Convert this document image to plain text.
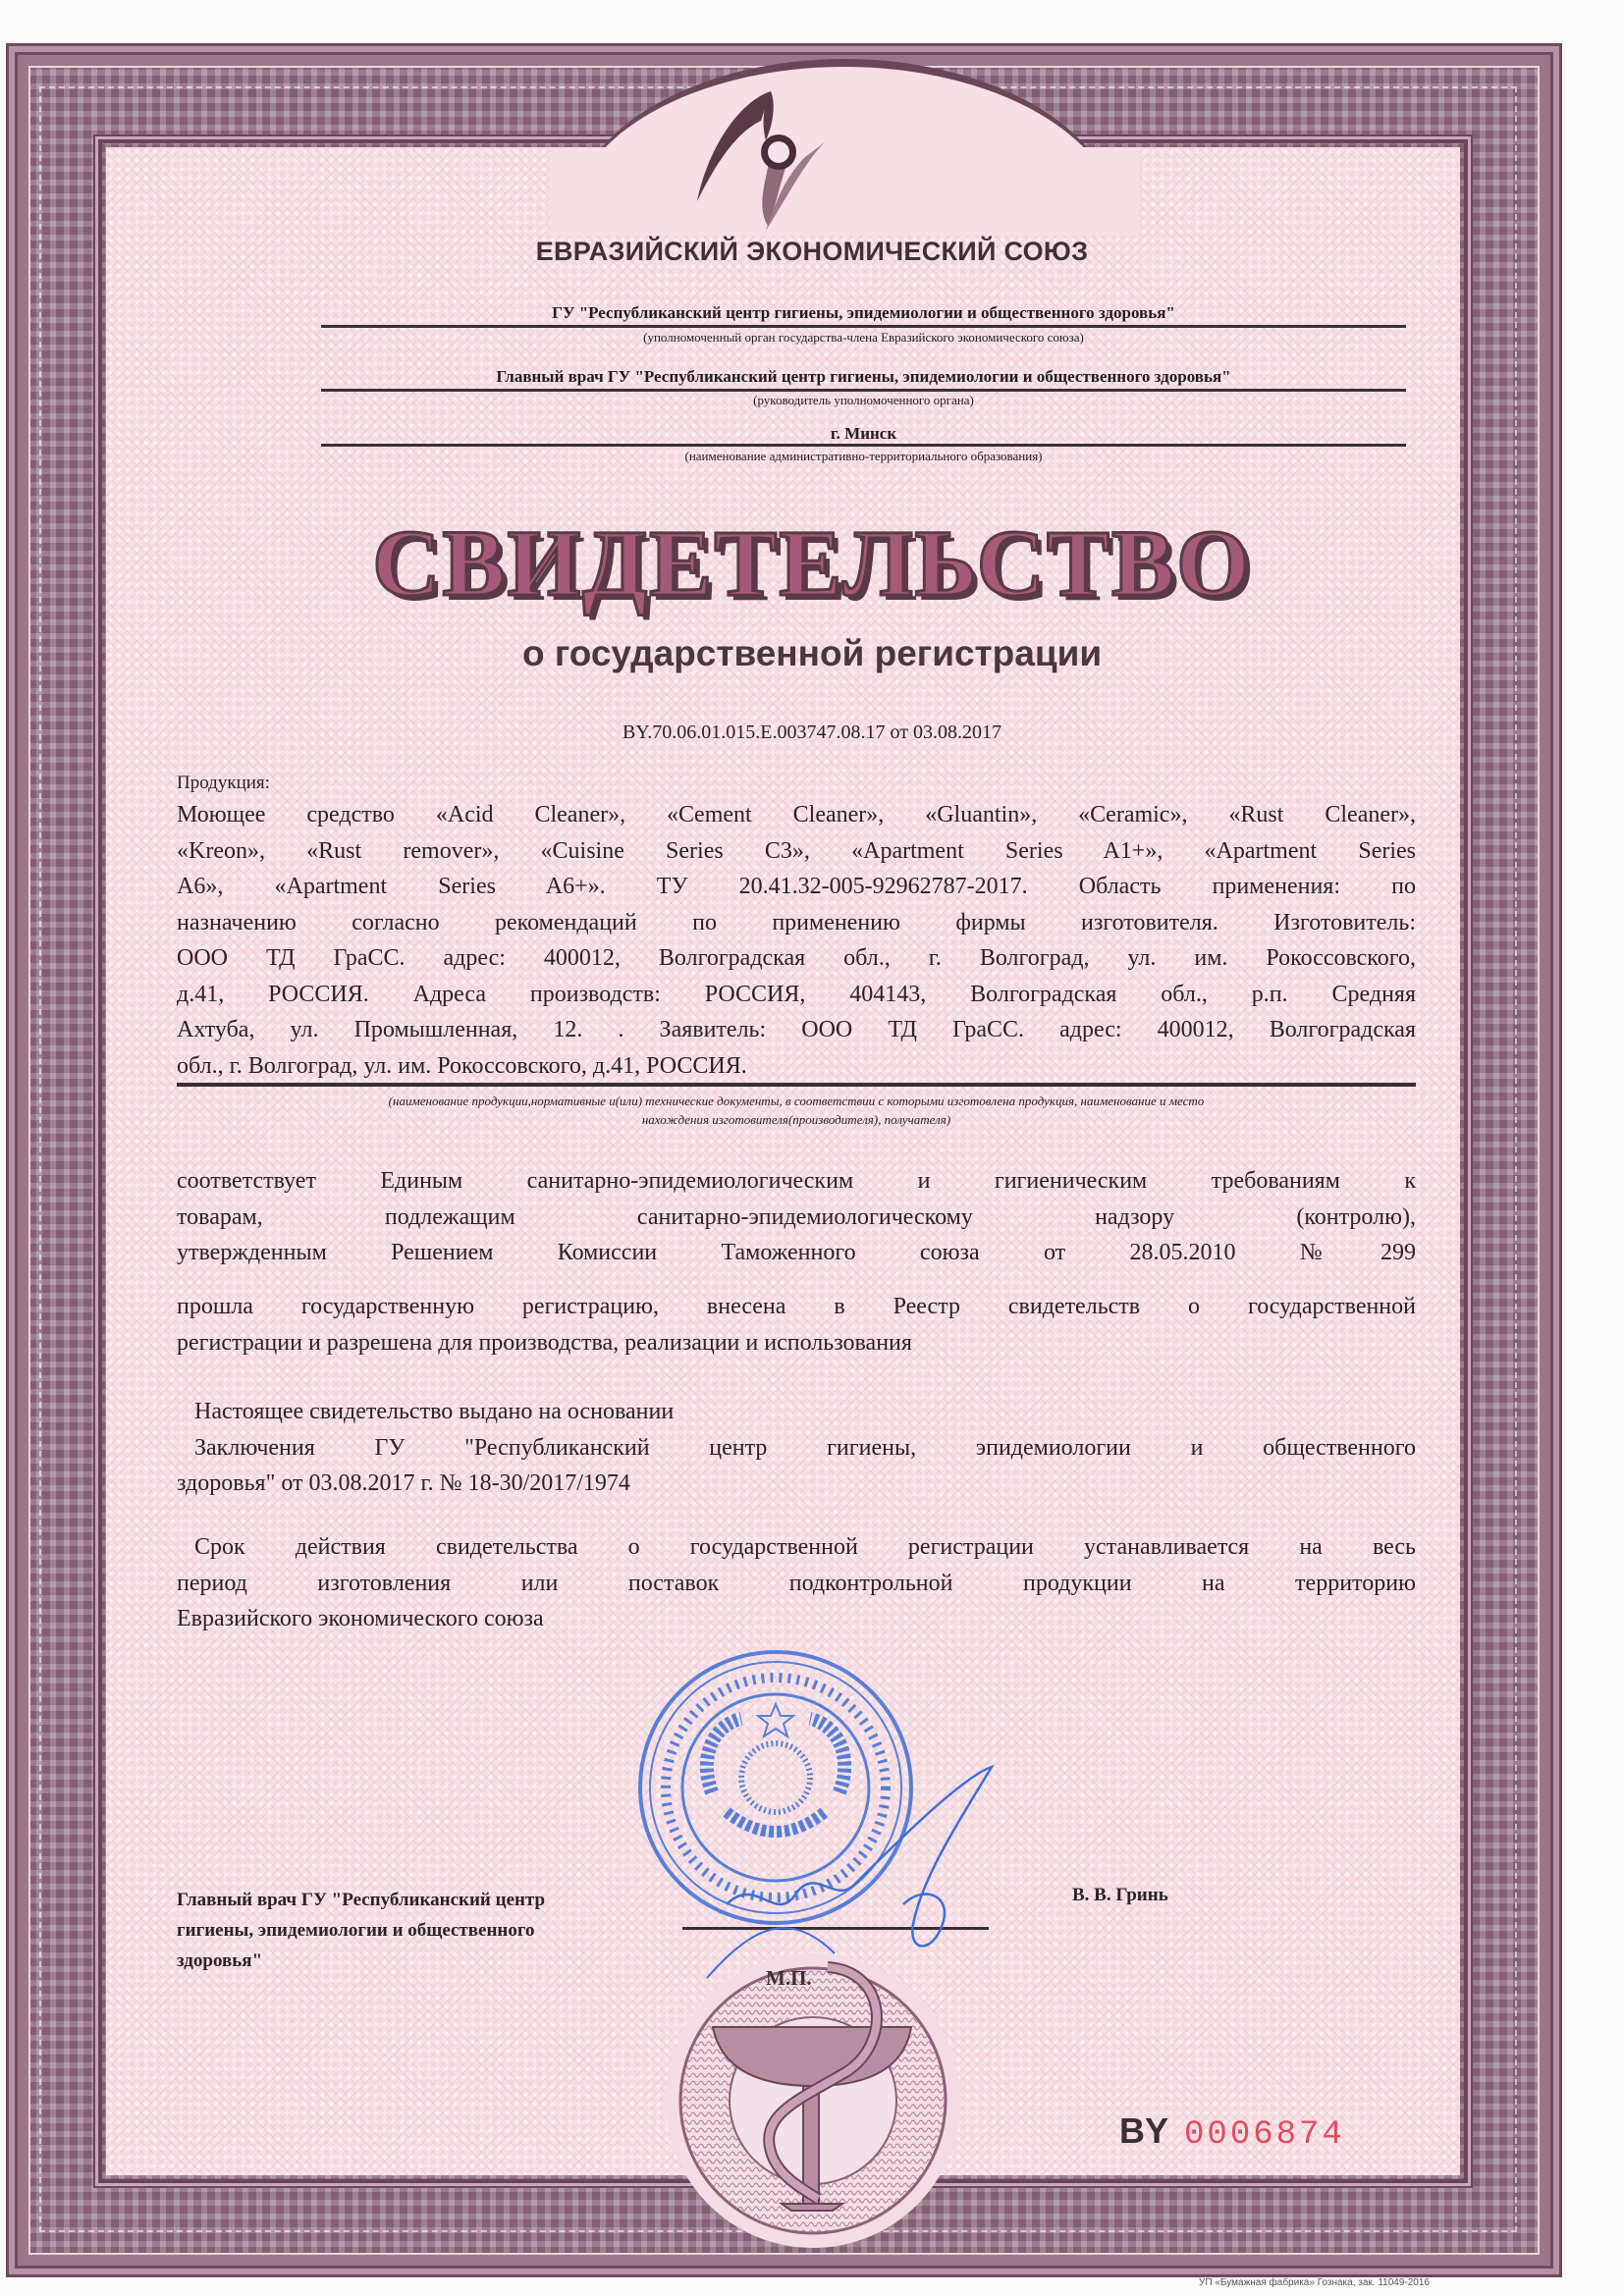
ЕВРАЗИЙСКИЙ ЭКОНОМИЧЕСКИЙ СОЮЗ
ГУ "Республиканский центр гигиены, эпидемиологии и общественного здоровья"
(уполномоченный орган государства-члена Евразийского экономического союза)
Главный врач ГУ "Республиканский центр гигиены, эпидемиологии и общественного здоровья"
(руководитель уполномоченного органа)
г. Минск
(наименование административно-территориального образования)
СВИДЕТЕЛЬСТВО
о государственной регистрации
BY.70.06.01.015.E.003747.08.17 от 03.08.2017
Продукция:
Моющее средство «Acid Cleaner», «Cement Cleaner», «Gluantin», «Ceramic», «Rust Cleaner»,
«Kreon», «Rust remover», «Cuisine Series C3», «Apartment Series A1+», «Apartment Series
A6», «Apartment Series A6+». ТУ 20.41.32-005-92962787-2017. Область применения: по
назначению согласно рекомендаций по применению фирмы изготовителя. Изготовитель:
ООО ТД ГраСС. адрес: 400012, Волгоградская обл., г. Волгоград, ул. им. Рокоссовского,
д.41, РОССИЯ. Адреса производств: РОССИЯ, 404143, Волгоградская обл., р.п. Средняя
Ахтуба, ул. Промышленная, 12. . Заявитель: ООО ТД ГраСС. адрес: 400012, Волгоградская
обл., г. Волгоград, ул. им. Рокоссовского, д.41, РОССИЯ.
(наименование продукции,нормативные и(или) технические документы, в соответствии с которыми изготовлена продукция, наименование и место
нахождения изготовителя(производителя), получателя)
соответствует Единым санитарно-эпидемиологическим и гигиеническим требованиям к
товарам, подлежащим санитарно-эпидемиологическому надзору (контролю),
утвержденным Решением Комиссии Таможенного союза от 28.05.2010 №299
прошла государственную регистрацию, внесена в Реестр свидетельств о государственной
регистрации и разрешена для производства, реализации и использования
Настоящее свидетельство выдано на основании
Заключения ГУ "Республиканский центр гигиены, эпидемиологии и общественного
здоровья" от 03.08.2017 г. № 18-30/2017/1974
Срок действия свидетельства о государственной регистрации устанавливается на весь
период изготовления или поставок подконтрольной продукции на территорию
Евразийского экономического союза
М.П.
Главный врач ГУ "Республиканский центр
гигиены, эпидемиологии и общественного
здоровья"
В. В. Гринь
BY 0006874
УП «Бумажная фабрика» Гознака, зак. 11049-2016
